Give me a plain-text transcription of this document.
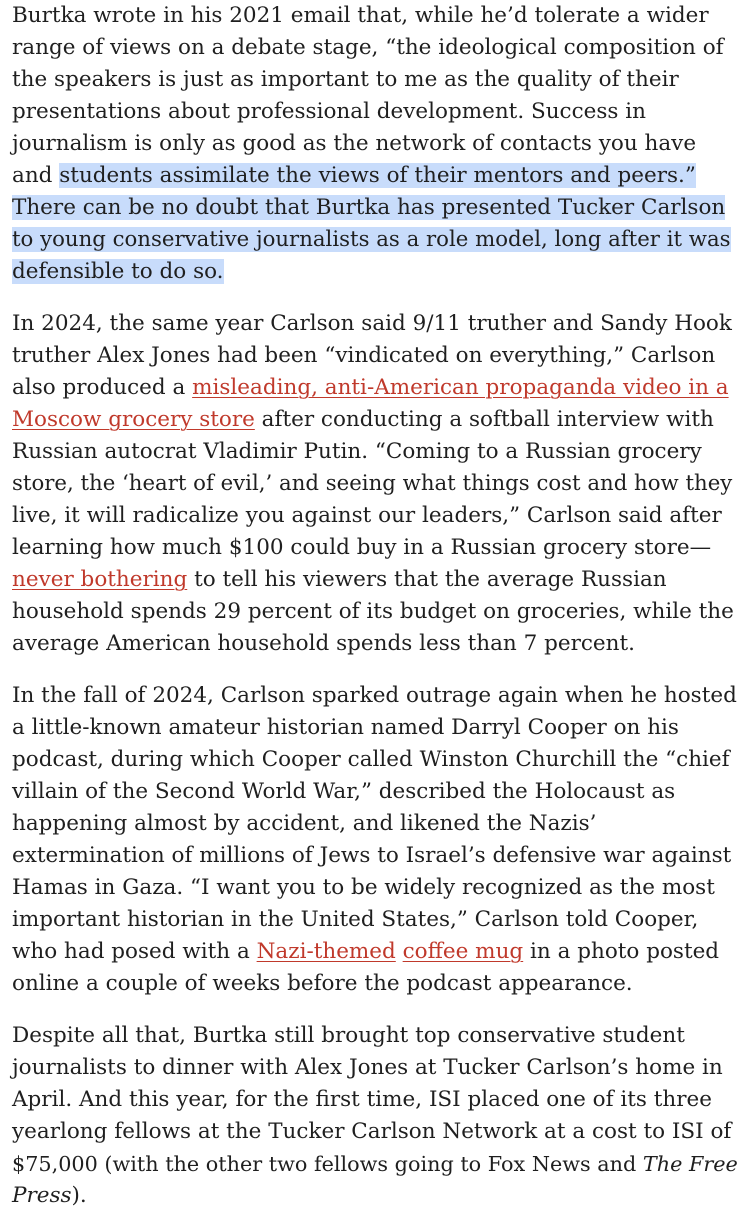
Burtka wrote in his 2021 email that, while he’d tolerate a wider
range of views on a debate stage, “the ideological composition of
the speakers is just as important to me as the quality of their
presentations about professional development. Success in
journalism is only as good as the network of contacts you have
and students assimilate the views of their mentors and peers.”
There can be no doubt that Burtka has presented Tucker Carlson
to young conservative journalists as a role model, long after it was
defensible to do so.
In 2024, the same year Carlson said 9/11 truther and Sandy Hook
truther Alex Jones had been “vindicated on everything,” Carlson
also produced a misleading, anti-American propaganda video in a
Moscow grocery store after conducting a softball interview with
Russian autocrat Vladimir Putin. “Coming to a Russian grocery
store, the ‘heart of evil,’ and seeing what things cost and how they
live, it will radicalize you against our leaders,” Carlson said after
learning how much $100 could buy in a Russian grocery store—
never bothering to tell his viewers that the average Russian
household spends 29 percent of its budget on groceries, while the
average American household spends less than 7 percent.
In the fall of 2024, Carlson sparked outrage again when he hosted
a little-known amateur historian named Darryl Cooper on his
podcast, during which Cooper called Winston Churchill the “chief
villain of the Second World War,” described the Holocaust as
happening almost by accident, and likened the Nazis’
extermination of millions of Jews to Israel’s defensive war against
Hamas in Gaza. “I want you to be widely recognized as the most
important historian in the United States,” Carlson told Cooper,
who had posed with a Nazi-themed coffee mug in a photo posted
online a couple of weeks before the podcast appearance.
Despite all that, Burtka still brought top conservative student
journalists to dinner with Alex Jones at Tucker Carlson’s home in
April. And this year, for the first time, ISI placed one of its three
yearlong fellows at the Tucker Carlson Network at a cost to ISI of
$75,000 (with the other two fellows going to Fox News and The Free
Press).
